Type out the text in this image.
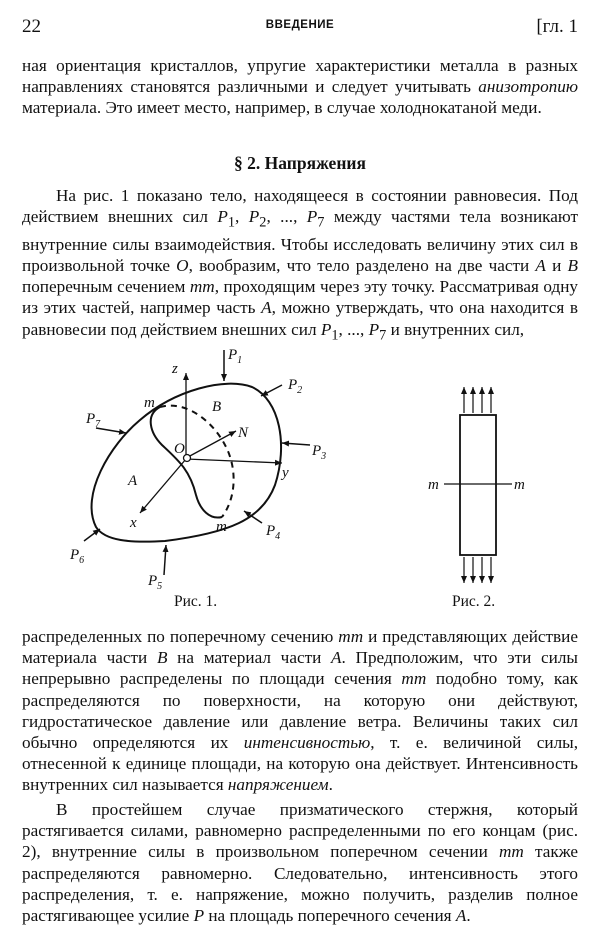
22	ВВЕДЕНИЕ	[гл. 1

ная ориентация кристаллов, упругие характеристики металла в разных направлениях становятся различными и следует учитывать анизотропию материала. Это имеет место, например, в случае холоднокатаной меди.

§ 2. Напряжения

На рис. 1 показано тело, находящееся в состоянии равновесия. Под действием внешних сил $P_1$, $P_2$, ..., $P_7$ между частями тела возникают внутренние силы взаимодействия. Чтобы исследовать величину этих сил в произвольной точке O, вообразим, что тело разделено на две части A и B поперечным сечением mm, проходящим через эту точку. Рассматривая одну из этих частей, например часть A, можно утверждать, что она находится в равновесии под действием внешних сил $P_1$, ..., $P_7$ и внутренних сил,

$P_1$
$P_2$
$P_3$
$P_4$
$P_5$
$P_6$
$P_7$
z
y
x
O
N
A
B
m
m
m	m
Рис. 1.	Рис. 2.

распределенных по поперечному сечению mm и представляющих действие материала части B на материал части A. Предположим, что эти силы непрерывно распределены по площади сечения mm подобно тому, как распределяются по поверхности, на которую они действуют, гидростатическое давление или давление ветра. Величины таких сил обычно определяются их интенсивностью, т. е. величиной силы, отнесенной к единице площади, на которую она действует. Интенсивность внутренних сил называется напряжением.

В простейшем случае призматического стержня, который растягивается силами, равномерно распределенными по его концам (рис. 2), внутренние силы в произвольном поперечном сечении mm также распределяются равномерно. Следовательно, интенсивность этого распределения, т. е. напряжение, можно получить, разделив полное растягивающее усилие P на площадь поперечного сечения A.
